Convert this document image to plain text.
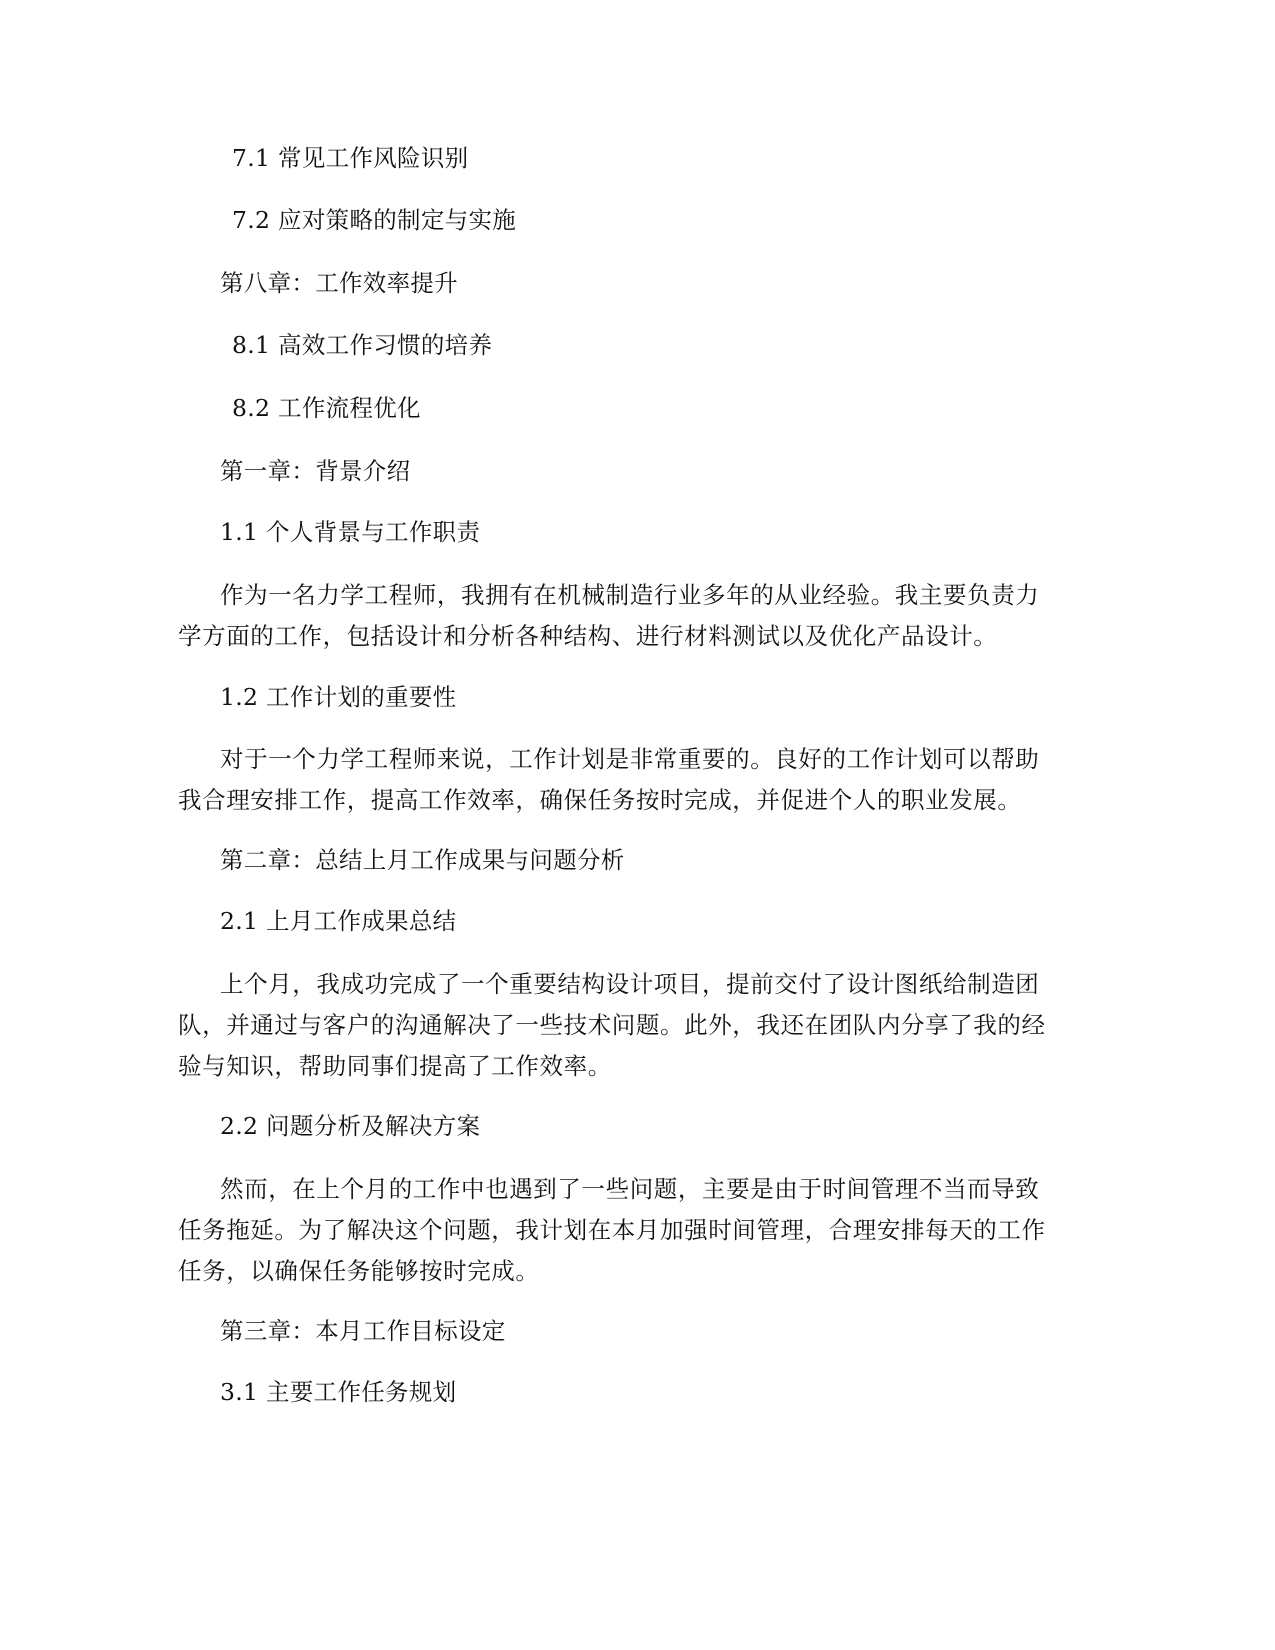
7.1 常见工作风险识别
7.2 应对策略的制定与实施
第八章：工作效率提升
8.1 高效工作习惯的培养
8.2 工作流程优化
第一章：背景介绍
1.1 个人背景与工作职责
作为一名力学工程师，我拥有在机械制造行业多年的从业经验。我主要负责力
学方面的工作，包括设计和分析各种结构、进行材料测试以及优化产品设计。
1.2 工作计划的重要性
对于一个力学工程师来说，工作计划是非常重要的。良好的工作计划可以帮助
我合理安排工作，提高工作效率，确保任务按时完成，并促进个人的职业发展。
第二章：总结上月工作成果与问题分析
2.1 上月工作成果总结
上个月，我成功完成了一个重要结构设计项目，提前交付了设计图纸给制造团
队，并通过与客户的沟通解决了一些技术问题。此外，我还在团队内分享了我的经
验与知识，帮助同事们提高了工作效率。
2.2 问题分析及解决方案
然而，在上个月的工作中也遇到了一些问题，主要是由于时间管理不当而导致
任务拖延。为了解决这个问题，我计划在本月加强时间管理，合理安排每天的工作
任务，以确保任务能够按时完成。
第三章：本月工作目标设定
3.1 主要工作任务规划
